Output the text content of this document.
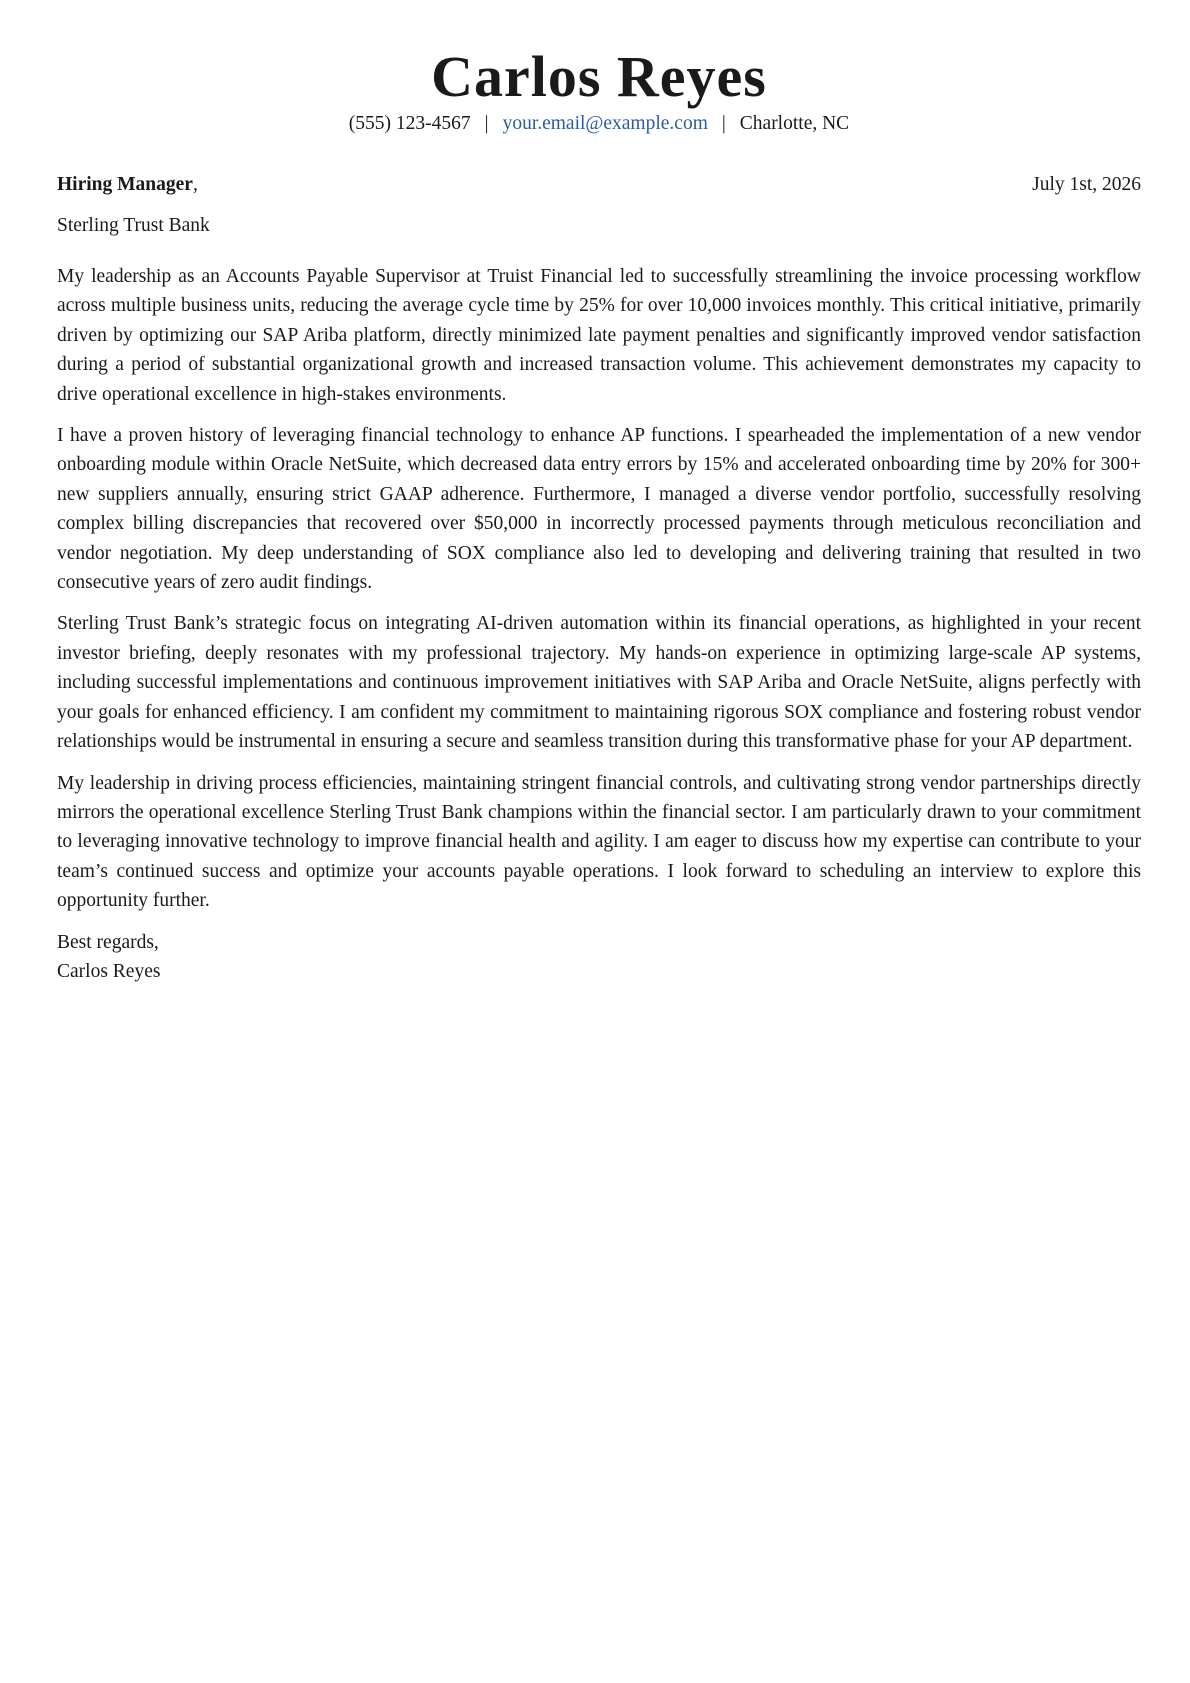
Carlos Reyes
(555) 123-4567 | your.email@example.com | Charlotte, NC
Hiring Manager,	July 1st, 2026
Sterling Trust Bank

My leadership as an Accounts Payable Supervisor at Truist Financial led to successfully streamlining the invoice processing workflow across multiple business units, reducing the average cycle time by 25% for over 10,000 invoices monthly. This critical initiative, primarily driven by optimizing our SAP Ariba platform, directly minimized late payment penalties and significantly improved vendor satisfaction during a period of substantial organizational growth and increased transaction volume. This achievement demonstrates my capacity to drive operational excellence in high-stakes environments.

I have a proven history of leveraging financial technology to enhance AP functions. I spearheaded the implementation of a new vendor onboarding module within Oracle NetSuite, which decreased data entry errors by 15% and accelerated onboarding time by 20% for 300+ new suppliers annually, ensuring strict GAAP adherence. Furthermore, I managed a diverse vendor portfolio, successfully resolving complex billing discrepancies that recovered over $50,000 in incorrectly processed payments through meticulous reconciliation and vendor negotiation. My deep understanding of SOX compliance also led to developing and delivering training that resulted in two consecutive years of zero audit findings.

Sterling Trust Bank’s strategic focus on integrating AI-driven automation within its financial operations, as highlighted in your recent investor briefing, deeply resonates with my professional trajectory. My hands-on experience in optimizing large-scale AP systems, including successful implementations and continuous improvement initiatives with SAP Ariba and Oracle NetSuite, aligns perfectly with your goals for enhanced efficiency. I am confident my commitment to maintaining rigorous SOX compliance and fostering robust vendor relationships would be instrumental in ensuring a secure and seamless transition during this transformative phase for your AP department.

My leadership in driving process efficiencies, maintaining stringent financial controls, and cultivating strong vendor partnerships directly mirrors the operational excellence Sterling Trust Bank champions within the financial sector. I am particularly drawn to your commitment to leveraging innovative technology to improve financial health and agility. I am eager to discuss how my expertise can contribute to your team’s continued success and optimize your accounts payable operations. I look forward to scheduling an interview to explore this opportunity further.

Best regards,
Carlos Reyes
